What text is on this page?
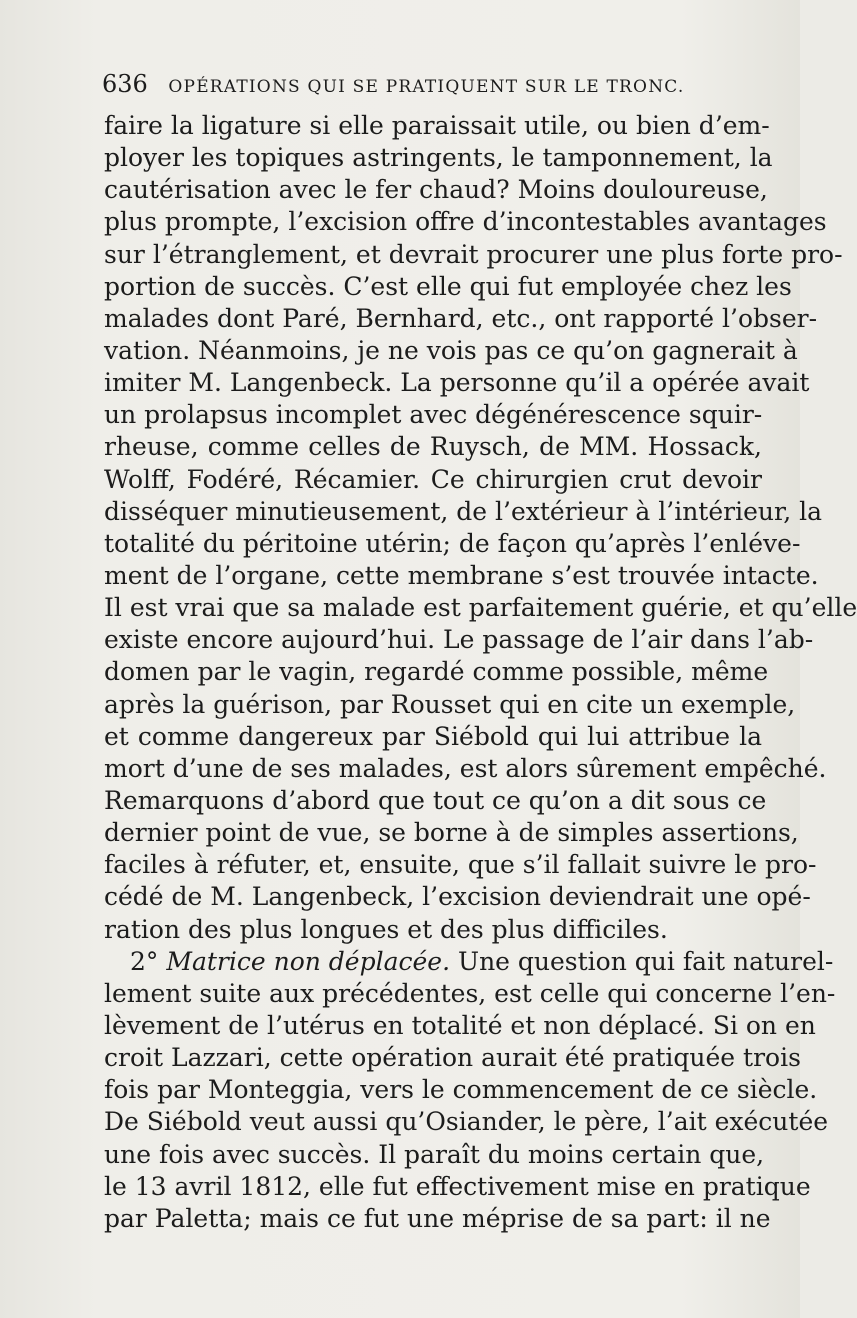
636 OPÉRATIONS QUI SE PRATIQUENT SUR LE TRONC.
faire la ligature si elle paraissait utile, ou bien d’em-
ployer les topiques astringents, le tamponnement, la
cautérisation avec le fer chaud? Moins douloureuse,
plus prompte, l’excision offre d’incontestables avantages
sur l’étranglement, et devrait procurer une plus forte pro-
portion de succès. C’est elle qui fut employée chez les
malades dont Paré, Bernhard, etc., ont rapporté l’obser-
vation. Néanmoins, je ne vois pas ce qu’on gagnerait à
imiter M. Langenbeck. La personne qu’il a opérée avait
un prolapsus incomplet avec dégénérescence squir-
rheuse, comme celles de Ruysch, de MM. Hossack,
Wolff, Fodéré, Récamier. Ce chirurgien crut devoir
disséquer minutieusement, de l’extérieur à l’intérieur, la
totalité du péritoine utérin; de façon qu’après l’enléve-
ment de l’organe, cette membrane s’est trouvée intacte.
Il est vrai que sa malade est parfaitement guérie, et qu’elle
existe encore aujourd’hui. Le passage de l’air dans l’ab-
domen par le vagin, regardé comme possible, même
après la guérison, par Rousset qui en cite un exemple,
et comme dangereux par Siébold qui lui attribue la
mort d’une de ses malades, est alors sûrement empêché.
Remarquons d’abord que tout ce qu’on a dit sous ce
dernier point de vue, se borne à de simples assertions,
faciles à réfuter, et, ensuite, que s’il fallait suivre le pro-
cédé de M. Langenbeck, l’excision deviendrait une opé-
ration des plus longues et des plus difficiles.
2° Matrice non déplacée. Une question qui fait naturel-
lement suite aux précédentes, est celle qui concerne l’en-
lèvement de l’utérus en totalité et non déplacé. Si on en
croit Lazzari, cette opération aurait été pratiquée trois
fois par Monteggia, vers le commencement de ce siècle.
De Siébold veut aussi qu’Osiander, le père, l’ait exécutée
une fois avec succès. Il paraît du moins certain que,
le 13 avril 1812, elle fut effectivement mise en pratique
par Paletta; mais ce fut une méprise de sa part: il ne
